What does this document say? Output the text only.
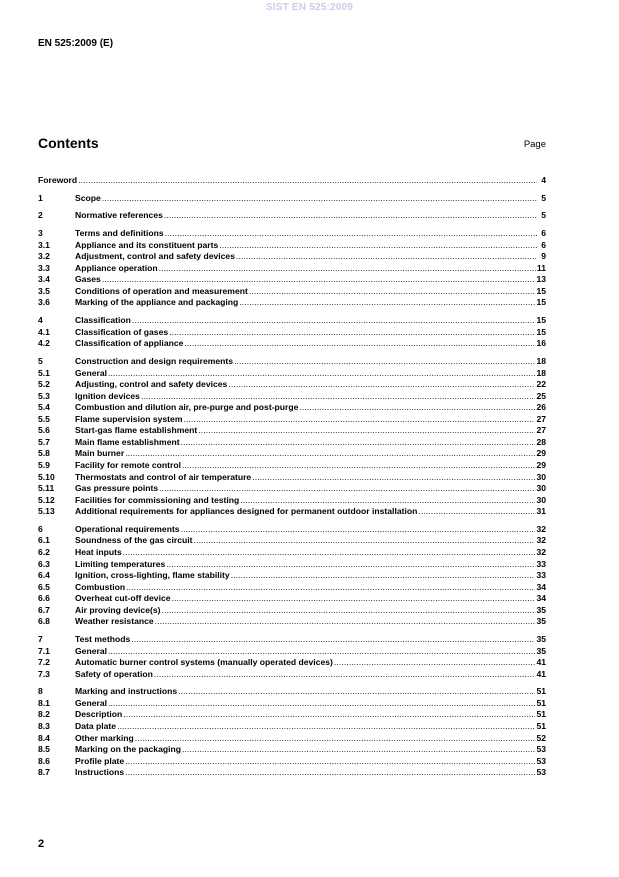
SIST EN 525:2009
EN 525:2009 (E)
Contents	Page
Foreword .....	4
1	Scope .....	5
2	Normative references .....	5
3	Terms and definitions .....	6
3.1	Appliance and its constituent parts .....	6
3.2	Adjustment, control and safety devices .....	9
3.3	Appliance operation .....	11
3.4	Gases .....	13
3.5	Conditions of operation and measurement .....	15
3.6	Marking of the appliance and packaging .....	15
4	Classification .....	15
4.1	Classification of gases .....	15
4.2	Classification of appliance .....	16
5	Construction and design requirements .....	18
5.1	General .....	18
5.2	Adjusting, control and safety devices .....	22
5.3	Ignition devices .....	25
5.4	Combustion and dilution air, pre-purge and post-purge .....	26
5.5	Flame supervision system .....	27
5.6	Start-gas flame establishment .....	27
5.7	Main flame establishment .....	28
5.8	Main burner .....	29
5.9	Facility for remote control .....	29
5.10	Thermostats and control of air temperature .....	30
5.11	Gas pressure points .....	30
5.12	Facilities for commissioning and testing .....	30
5.13	Additional requirements for appliances designed for permanent outdoor installation .....	31
6	Operational requirements .....	32
6.1	Soundness of the gas circuit .....	32
6.2	Heat inputs .....	32
6.3	Limiting temperatures .....	33
6.4	Ignition, cross-lighting, flame stability .....	33
6.5	Combustion .....	34
6.6	Overheat cut-off device .....	34
6.7	Air proving device(s) .....	35
6.8	Weather resistance .....	35
7	Test methods .....	35
7.1	General .....	35
7.2	Automatic burner control systems (manually operated devices) .....	41
7.3	Safety of operation .....	41
8	Marking and instructions .....	51
8.1	General .....	51
8.2	Description .....	51
8.3	Data plate .....	51
8.4	Other marking .....	52
8.5	Marking on the packaging .....	53
8.6	Profile plate .....	53
8.7	Instructions .....	53
2
